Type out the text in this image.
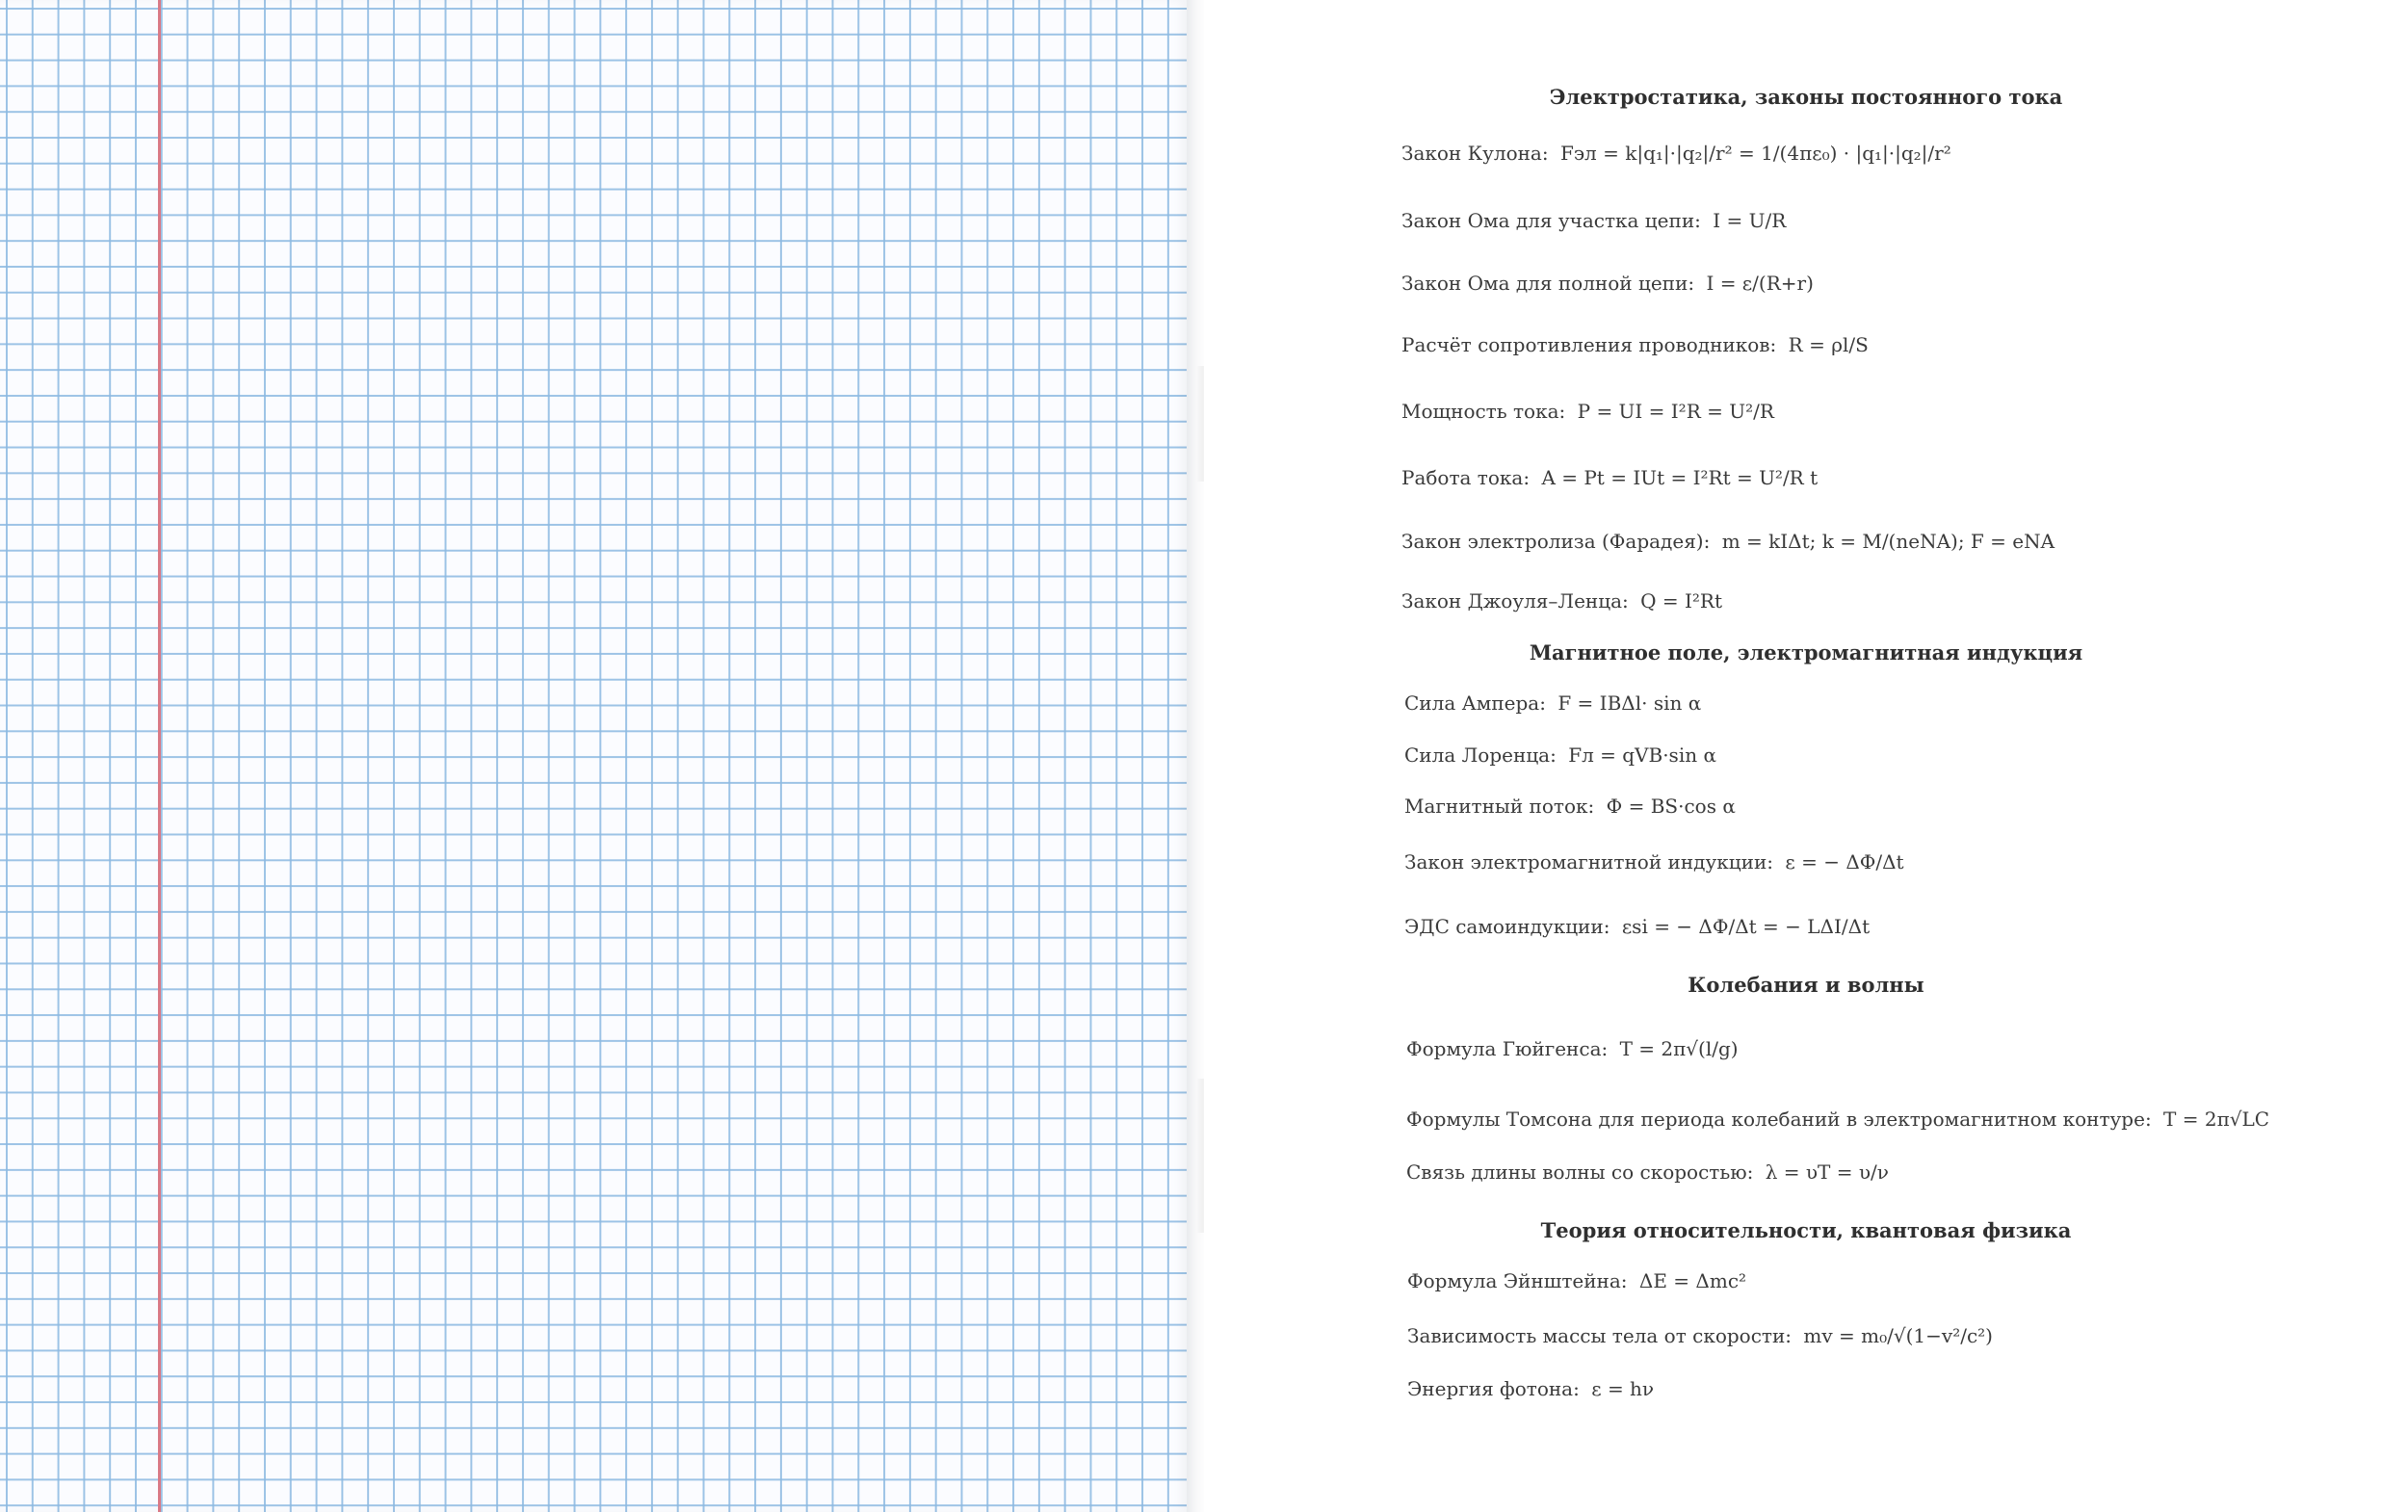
Электростатика, законы постоянного тока
Закон Кулона: Fэл = k|q₁|·|q₂|/r² = 1/(4πε₀) · |q₁|·|q₂|/r²
Закон Ома для участка цепи: I = U/R
Закон Ома для полной цепи: I = ε/(R+r)
Расчёт сопротивления проводников: R = ρl/S
Мощность тока: P = UI = I²R = U²/R
Работа тока: A = Pt = IUt = I²Rt = U²/R t
Закон электролиза (Фарадея): m = kIΔt; k = M/(neNA); F = eNA
Закон Джоуля–Ленца: Q = I²Rt
Магнитное поле, электромагнитная индукция
Сила Ампера: F = IBΔl· sin α
Сила Лоренца: Fл = qVB·sin α
Магнитный поток: Ф = BS·cos α
Закон электромагнитной индукции: ε = − ΔФ/Δt
ЭДС самоиндукции: εsi = − ΔФ/Δt = − LΔI/Δt
Колебания и волны
Формула Гюйгенса: T = 2π√(l/g)
Формулы Томсона для периода колебаний в электромагнитном контуре: T = 2π√LC
Связь длины волны со скоростью: λ = υT = υ/ν
Теория относительности, квантовая физика
Формула Эйнштейна: ΔE = Δmc²
Зависимость массы тела от скорости: mv = m₀/√(1−v²/c²)
Энергия фотона: ε = hν
